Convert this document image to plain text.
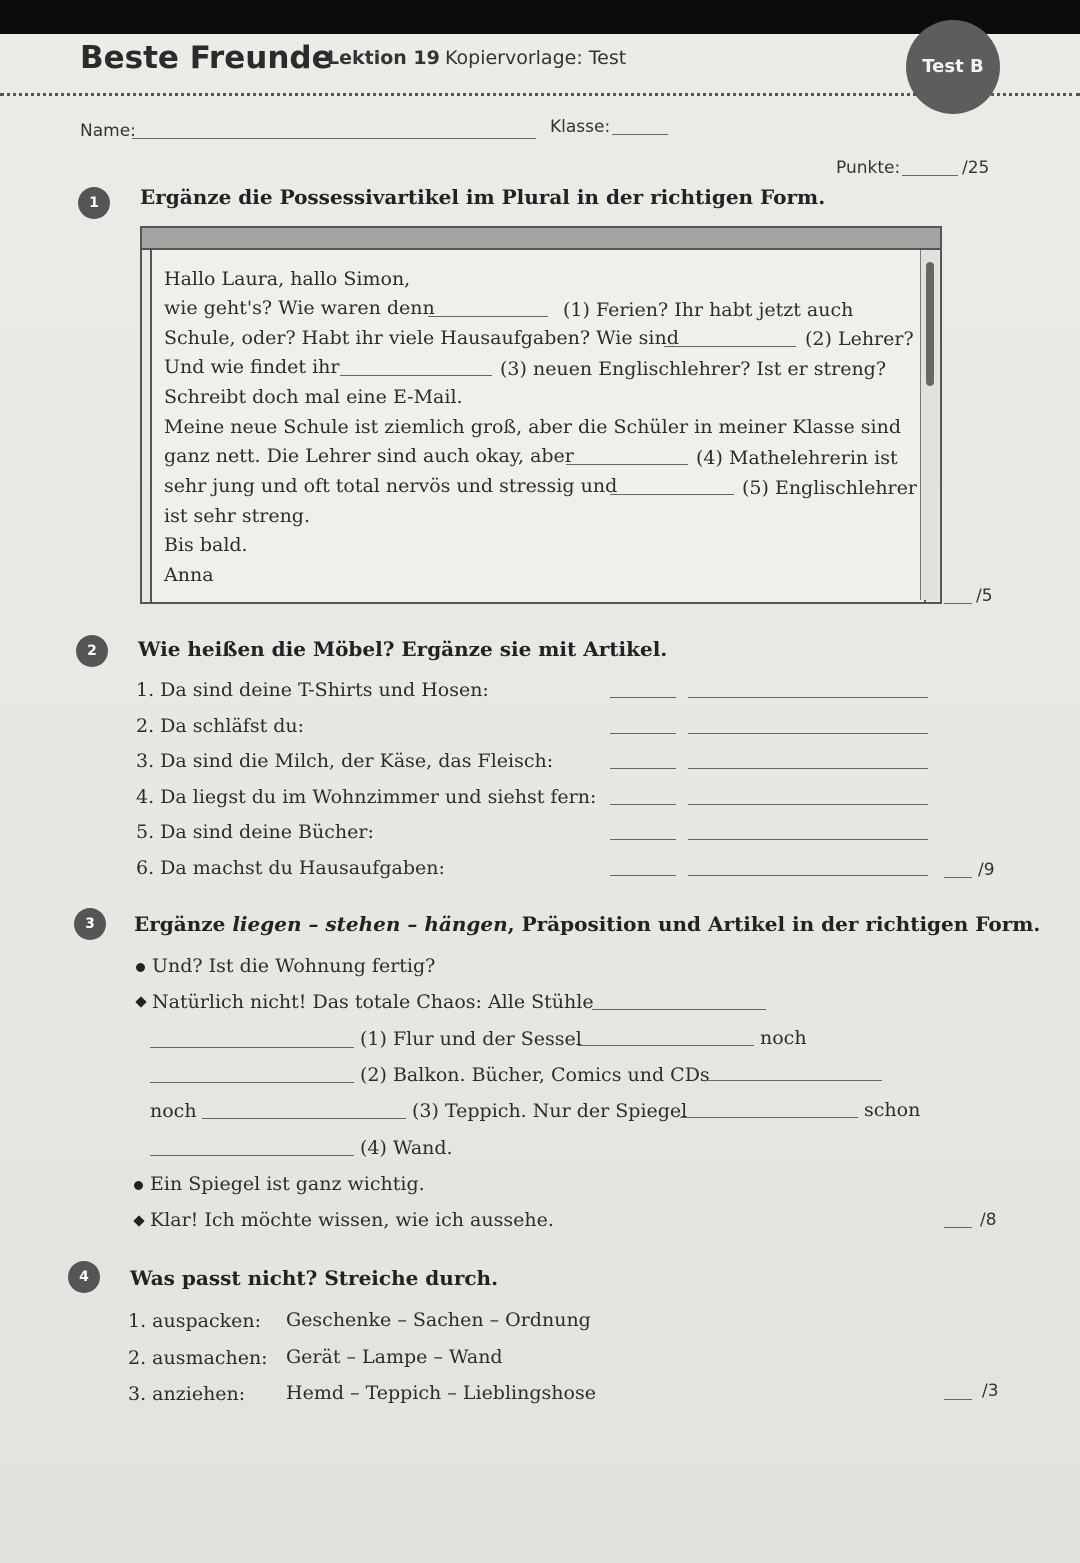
Beste Freunde
Lektion 19 Kopiervorlage: Test	Test B
Name:	Klasse:
Punkte:	/25
1	Ergänze die Possessivartikel im Plural in der richtigen Form.
Hallo Laura, hallo Simon,
wie geht's? Wie waren denn	(1) Ferien? Ihr habt jetzt auch
Schule, oder? Habt ihr viele Hausaufgaben? Wie sind	(2) Lehrer?
Und wie findet ihr	(3) neuen Englischlehrer? Ist er streng?
Schreibt doch mal eine E-Mail.
Meine neue Schule ist ziemlich groß, aber die Schüler in meiner Klasse sind
ganz nett. Die Lehrer sind auch okay, aber	(4) Mathelehrerin ist
sehr jung und oft total nervös und stressig und	(5) Englischlehrer
ist sehr streng.
Bis bald.
Anna
/5
2	Wie heißen die Möbel? Ergänze sie mit Artikel.
1. Da sind deine T-Shirts und Hosen:
2. Da schläfst du:
3. Da sind die Milch, der Käse, das Fleisch:
4. Da liegst du im Wohnzimmer und siehst fern:
5. Da sind deine Bücher:
6. Da machst du Hausaufgaben:	/9
3	Ergänze liegen – stehen – hängen, Präposition und Artikel in der richtigen Form.
Und? Ist die Wohnung fertig?
Natürlich nicht! Das totale Chaos: Alle Stühle
(1) Flur und der Sessel	noch
(2) Balkon. Bücher, Comics und CDs
noch	(3) Teppich. Nur der Spiegel	schon
(4) Wand.
Ein Spiegel ist ganz wichtig.
Klar! Ich möchte wissen, wie ich aussehe.	/8
4	Was passt nicht? Streiche durch.
1. auspacken: Geschenke – Sachen – Ordnung
2. ausmachen: Gerät – Lampe – Wand
3. anziehen: Hemd – Teppich – Lieblingshose	/3
